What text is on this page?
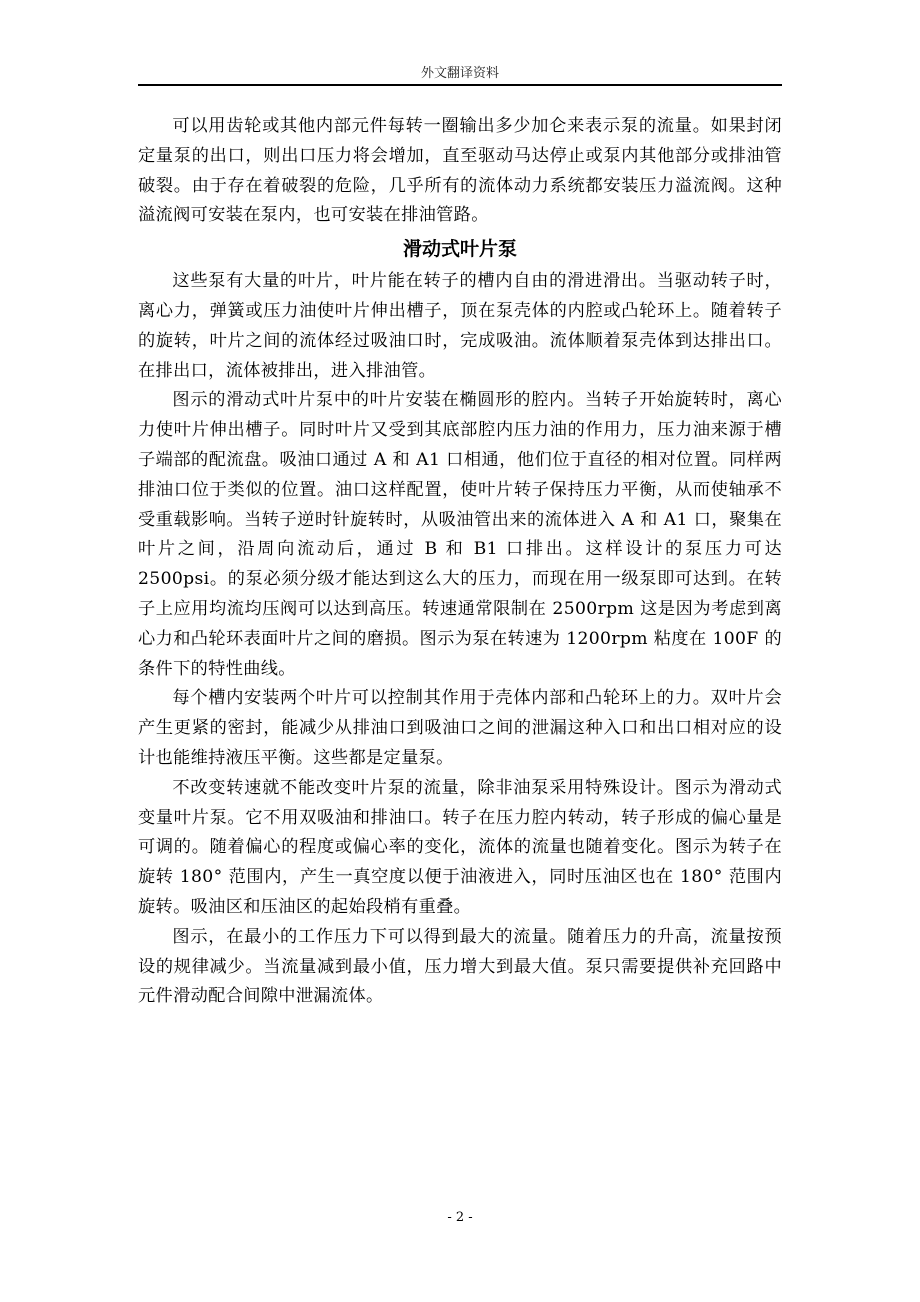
外文翻译资料

可以用齿轮或其他内部元件每转一圈输出多少加仑来表示泵的流量。如果封闭定量泵的出口，则出口压力将会增加，直至驱动马达停止或泵内其他部分或排油管破裂。由于存在着破裂的危险，几乎所有的流体动力系统都安装压力溢流阀。这种溢流阀可安装在泵内，也可安装在排油管路。

滑动式叶片泵

这些泵有大量的叶片，叶片能在转子的槽内自由的滑进滑出。当驱动转子时，离心力，弹簧或压力油使叶片伸出槽子，顶在泵壳体的内腔或凸轮环上。随着转子的旋转，叶片之间的流体经过吸油口时，完成吸油。流体顺着泵壳体到达排出口。在排出口，流体被排出，进入排油管。

图示的滑动式叶片泵中的叶片安装在椭圆形的腔内。当转子开始旋转时，离心力使叶片伸出槽子。同时叶片又受到其底部腔内压力油的作用力，压力油来源于槽子端部的配流盘。吸油口通过 A 和 A1 口相通，他们位于直径的相对位置。同样两排油口位于类似的位置。油口这样配置，使叶片转子保持压力平衡，从而使轴承不受重载影响。当转子逆时针旋转时，从吸油管出来的流体进入 A 和 A1 口，聚集在叶片之间，沿周向流动后，通过 B 和 B1 口排出。这样设计的泵压力可达 2500psi。的泵必须分级才能达到这么大的压力，而现在用一级泵即可达到。在转子上应用均流均压阀可以达到高压。转速通常限制在 2500rpm 这是因为考虑到离心力和凸轮环表面叶片之间的磨损。图示为泵在转速为 1200rpm 粘度在 100F 的条件下的特性曲线。

每个槽内安装两个叶片可以控制其作用于壳体内部和凸轮环上的力。双叶片会产生更紧的密封，能减少从排油口到吸油口之间的泄漏这种入口和出口相对应的设计也能维持液压平衡。这些都是定量泵。

不改变转速就不能改变叶片泵的流量，除非油泵采用特殊设计。图示为滑动式变量叶片泵。它不用双吸油和排油口。转子在压力腔内转动，转子形成的偏心量是可调的。随着偏心的程度或偏心率的变化，流体的流量也随着变化。图示为转子在旋转 180° 范围内，产生一真空度以便于油液进入，同时压油区也在 180° 范围内旋转。吸油区和压油区的起始段梢有重叠。

图示，在最小的工作压力下可以得到最大的流量。随着压力的升高，流量按预设的规律减少。当流量减到最小值，压力增大到最大值。泵只需要提供补充回路中元件滑动配合间隙中泄漏流体。

- 2 -
